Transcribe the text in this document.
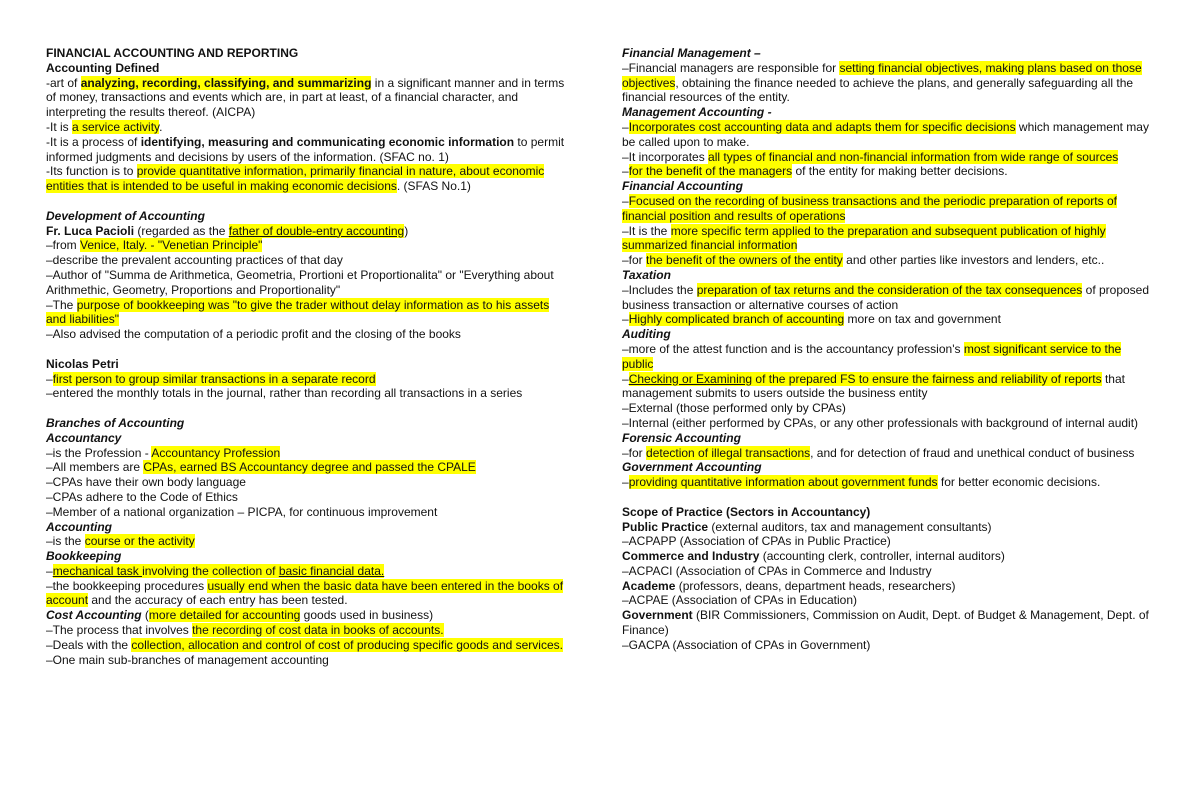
FINANCIAL ACCOUNTING AND REPORTING
Accounting Defined
-art of analyzing, recording, classifying, and summarizing in a significant manner and in terms of money, transactions and events which are, in part at least, of a financial character, and interpreting the results thereof. (AICPA)
-It is a service activity.
-It is a process of identifying, measuring and communicating economic information to permit informed judgments and decisions by users of the information. (SFAC no. 1)
-Its function is to provide quantitative information, primarily financial in nature, about economic entities that is intended to be useful in making economic decisions. (SFAS No.1)
Development of Accounting
Fr. Luca Pacioli (regarded as the father of double-entry accounting)
–from Venice, Italy. - "Venetian Principle"
–describe the prevalent accounting practices of that day
–Author of "Summa de Arithmetica, Geometria, Prortioni et Proportionalita" or "Everything about Arithmethic, Geometry, Proportions and Proportionality"
–The purpose of bookkeeping was "to give the trader without delay information as to his assets and liabilities"
–Also advised the computation of a periodic profit and the closing of the books
Nicolas Petri
–first person to group similar transactions in a separate record
–entered the monthly totals in the journal, rather than recording all transactions in a series
Branches of Accounting
Accountancy
–is the Profession - Accountancy Profession
–All members are CPAs, earned BS Accountancy degree and passed the CPALE
–CPAs have their own body language
–CPAs adhere to the Code of Ethics
–Member of a national organization – PICPA, for continuous improvement
Accounting
–is the course or the activity
Bookkeeping
–mechanical task involving the collection of basic financial data.
–the bookkeeping procedures usually end when the basic data have been entered in the books of account and the accuracy of each entry has been tested.
Cost Accounting (more detailed for accounting goods used in business)
–The process that involves the recording of cost data in books of accounts.
–Deals with the collection, allocation and control of cost of producing specific goods and services.
–One main sub-branches of management accounting
Financial Management –
–Financial managers are responsible for setting financial objectives, making plans based on those objectives, obtaining the finance needed to achieve the plans, and generally safeguarding all the financial resources of the entity.
Management Accounting -
–Incorporates cost accounting data and adapts them for specific decisions which management may be called upon to make.
–It incorporates all types of financial and non-financial information from wide range of sources
–for the benefit of the managers of the entity for making better decisions.
Financial Accounting
–Focused on the recording of business transactions and the periodic preparation of reports of financial position and results of operations
–It is the more specific term applied to the preparation and subsequent publication of highly summarized financial information
–for the benefit of the owners of the entity and other parties like investors and lenders, etc..
Taxation
–Includes the preparation of tax returns and the consideration of the tax consequences of proposed business transaction or alternative courses of action
–Highly complicated branch of accounting more on tax and government
Auditing
–more of the attest function and is the accountancy profession's most significant service to the public
–Checking or Examining of the prepared FS to ensure the fairness and reliability of reports that management submits to users outside the business entity
–External (those performed only by CPAs)
–Internal (either performed by CPAs, or any other professionals with background of internal audit)
Forensic Accounting
–for detection of illegal transactions, and for detection of fraud and unethical conduct of business
Government Accounting
–providing quantitative information about government funds for better economic decisions.
Scope of Practice (Sectors in Accountancy)
Public Practice (external auditors, tax and management consultants)
–ACPAPP (Association of CPAs in Public Practice)
Commerce and Industry (accounting clerk, controller, internal auditors)
–ACPACI (Association of CPAs in Commerce and Industry
Academe (professors, deans, department heads, researchers)
–ACPAE (Association of CPAs in Education)
Government (BIR Commissioners, Commission on Audit, Dept. of Budget & Management, Dept. of Finance)
–GACPA (Association of CPAs in Government)
